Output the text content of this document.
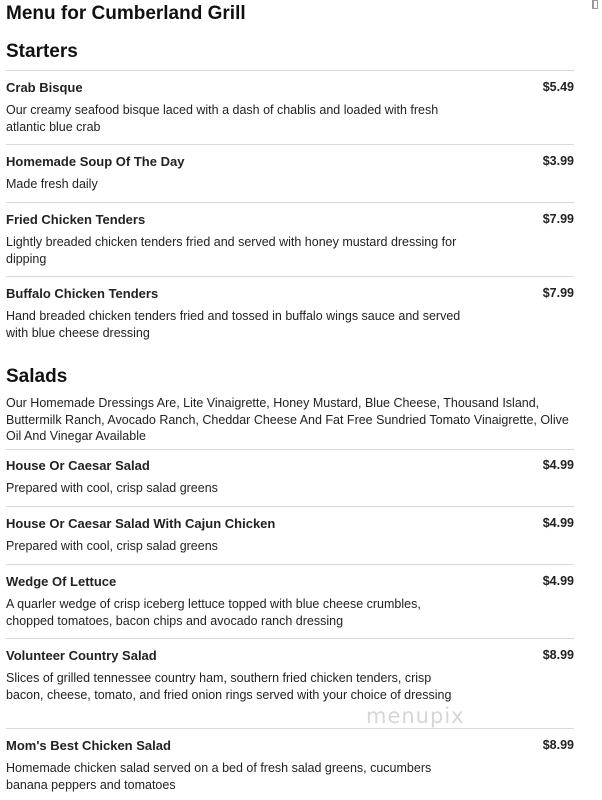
Menu for Cumberland Grill
Starters
Crab Bisque	$5.49
Our creamy seafood bisque laced with a dash of chablis and loaded with fresh atlantic blue crab
Homemade Soup Of The Day	$3.99
Made fresh daily
Fried Chicken Tenders	$7.99
Lightly breaded chicken tenders fried and served with honey mustard dressing for dipping
Buffalo Chicken Tenders	$7.99
Hand breaded chicken tenders fried and tossed in buffalo wings sauce and served with blue cheese dressing
Salads
Our Homemade Dressings Are, Lite Vinaigrette, Honey Mustard, Blue Cheese, Thousand Island, Buttermilk Ranch, Avocado Ranch, Cheddar Cheese And Fat Free Sundried Tomato Vinaigrette, Olive Oil And Vinegar Available
House Or Caesar Salad	$4.99
Prepared with cool, crisp salad greens
House Or Caesar Salad With Cajun Chicken	$4.99
Prepared with cool, crisp salad greens
Wedge Of Lettuce	$4.99
A quarler wedge of crisp iceberg lettuce topped with blue cheese crumbles, chopped tomatoes, bacon chips and avocado ranch dressing
Volunteer Country Salad	$8.99
Slices of grilled tennessee country ham, southern fried chicken tenders, crisp bacon, cheese, tomato, and fried onion rings served with your choice of dressing
Mom's Best Chicken Salad	$8.99
Homemade chicken salad served on a bed of fresh salad greens, cucumbers banana peppers and tomatoes
menupix
